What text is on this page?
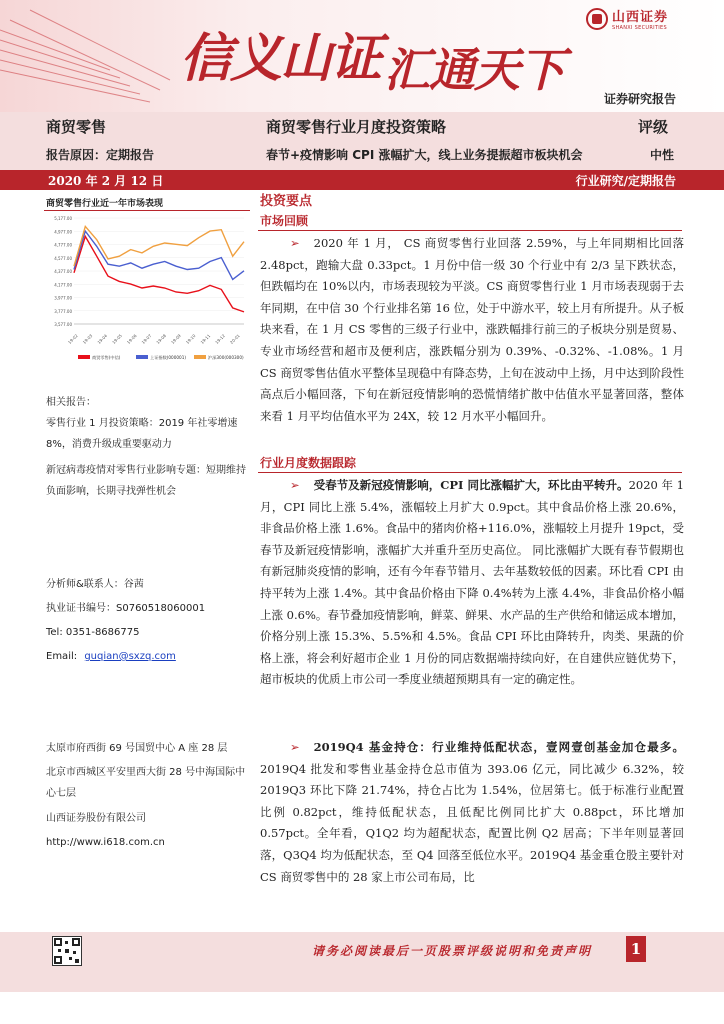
信义山证 汇通天下
山西证券
SHANXI SECURITIES
证券研究报告
商贸零售	商贸零售行业月度投资策略	评级
报告原因：定期报告	春节+疫情影响 CPI 涨幅扩大，线上业务提振超市板块机会	中性
2020 年 2 月 12 日	行业研究/定期报告
商贸零售行业近一年市场表现
5,177.00
4,977.00
4,777.00
4,577.00
4,377.00
4,177.00
3,977.00
3,777.00
3,577.00
19-02 19-03 19-04 19-05 19-06 19-07 19-08 19-09 19-10 19-11 19-12 20-01
商贸零售(中信)	上证指数(000001)	沪深300(000300)
相关报告：
零售行业 1 月投资策略：2019 年社零增速 8%，消费升级成重要驱动力
新冠病毒疫情对零售行业影响专题：短期维持负面影响，长期寻找弹性机会
分析师&联系人：谷茜
执业证书编号：S0760518060001
Tel: 0351-8686775
Email: guqian@sxzq.com
太原市府西街 69 号国贸中心 A 座 28 层
北京市西城区平安里西大街 28 号中海国际中心七层
山西证券股份有限公司
http://www.i618.com.cn
投资要点
市场回顾
➢ 2020 年 1 月， CS 商贸零售行业回落 2.59%，与上年同期相比回落 2.48pct，跑输大盘 0.33pct。1 月份中信一级 30 个行业中有 2/3 呈下跌状态，但跌幅均在 10%以内，市场表现较为平淡。CS 商贸零售行业 1 月市场表现弱于去年同期，在中信 30 个行业排名第 16 位，处于中游水平，较上月有所提升。从子板块来看，在 1 月 CS 零售的三级子行业中，涨跌幅排行前三的子板块分别是贸易、专业市场经营和超市及便利店，涨跌幅分别为 0.39%、-0.32%、-1.08%。1 月 CS 商贸零售估值水平整体呈现稳中有降态势，上旬在波动中上扬，月中达到阶段性高点后小幅回落，下旬在新冠疫情影响的恐慌情绪扩散中估值水平显著回落，整体来看 1 月平均估值水平为 24X，较 12 月水平小幅回升。
行业月度数据跟踪
➢ 受春节及新冠疫情影响，CPI 同比涨幅扩大，环比由平转升。2020 年 1 月，CPI 同比上涨 5.4%，涨幅较上月扩大 0.9pct。其中食品价格上涨 20.6%，非食品价格上涨 1.6%。食品中的猪肉价格+116.0%，涨幅较上月提升 19pct，受春节及新冠疫情影响，涨幅扩大并重升至历史高位。 同比涨幅扩大既有春节假期也有新冠肺炎疫情的影响，还有今年春节错月、去年基数较低的因素。环比看 CPI 由持平转为上涨 1.4%。其中食品价格由下降 0.4%转为上涨 4.4%，非食品价格小幅上涨 0.6%。春节叠加疫情影响，鲜菜、鲜果、水产品的生产供给和储运成本增加，价格分别上涨 15.3%、5.5%和 4.5%。食品 CPI 环比由降转升，肉类、果蔬的价格上涨，将会利好超市企业 1 月份的同店数据端持续向好，在自建供应链优势下，超市板块的优质上市公司一季度业绩超预期具有一定的确定性。
➢ 2019Q4 基金持仓：行业维持低配状态，壹网壹创基金加仓最多。2019Q4 批发和零售业基金持仓总市值为 393.06 亿元，同比减少 6.32%，较 2019Q3 环比下降 21.74%，持仓占比为 1.54%，位居第七。低于标准行业配置比例 0.82pct，维持低配状态，且低配比例同比扩大 0.88pct，环比增加 0.57pct。全年看，Q1Q2 均为超配状态，配置比例 Q2 居高；下半年则显著回落，Q3Q4 均为低配状态，至 Q4 回落至低位水平。2019Q4 基金重仓股主要针对 CS 商贸零售中的 28 家上市公司布局，比
请务必阅读最后一页股票评级说明和免责声明	1
